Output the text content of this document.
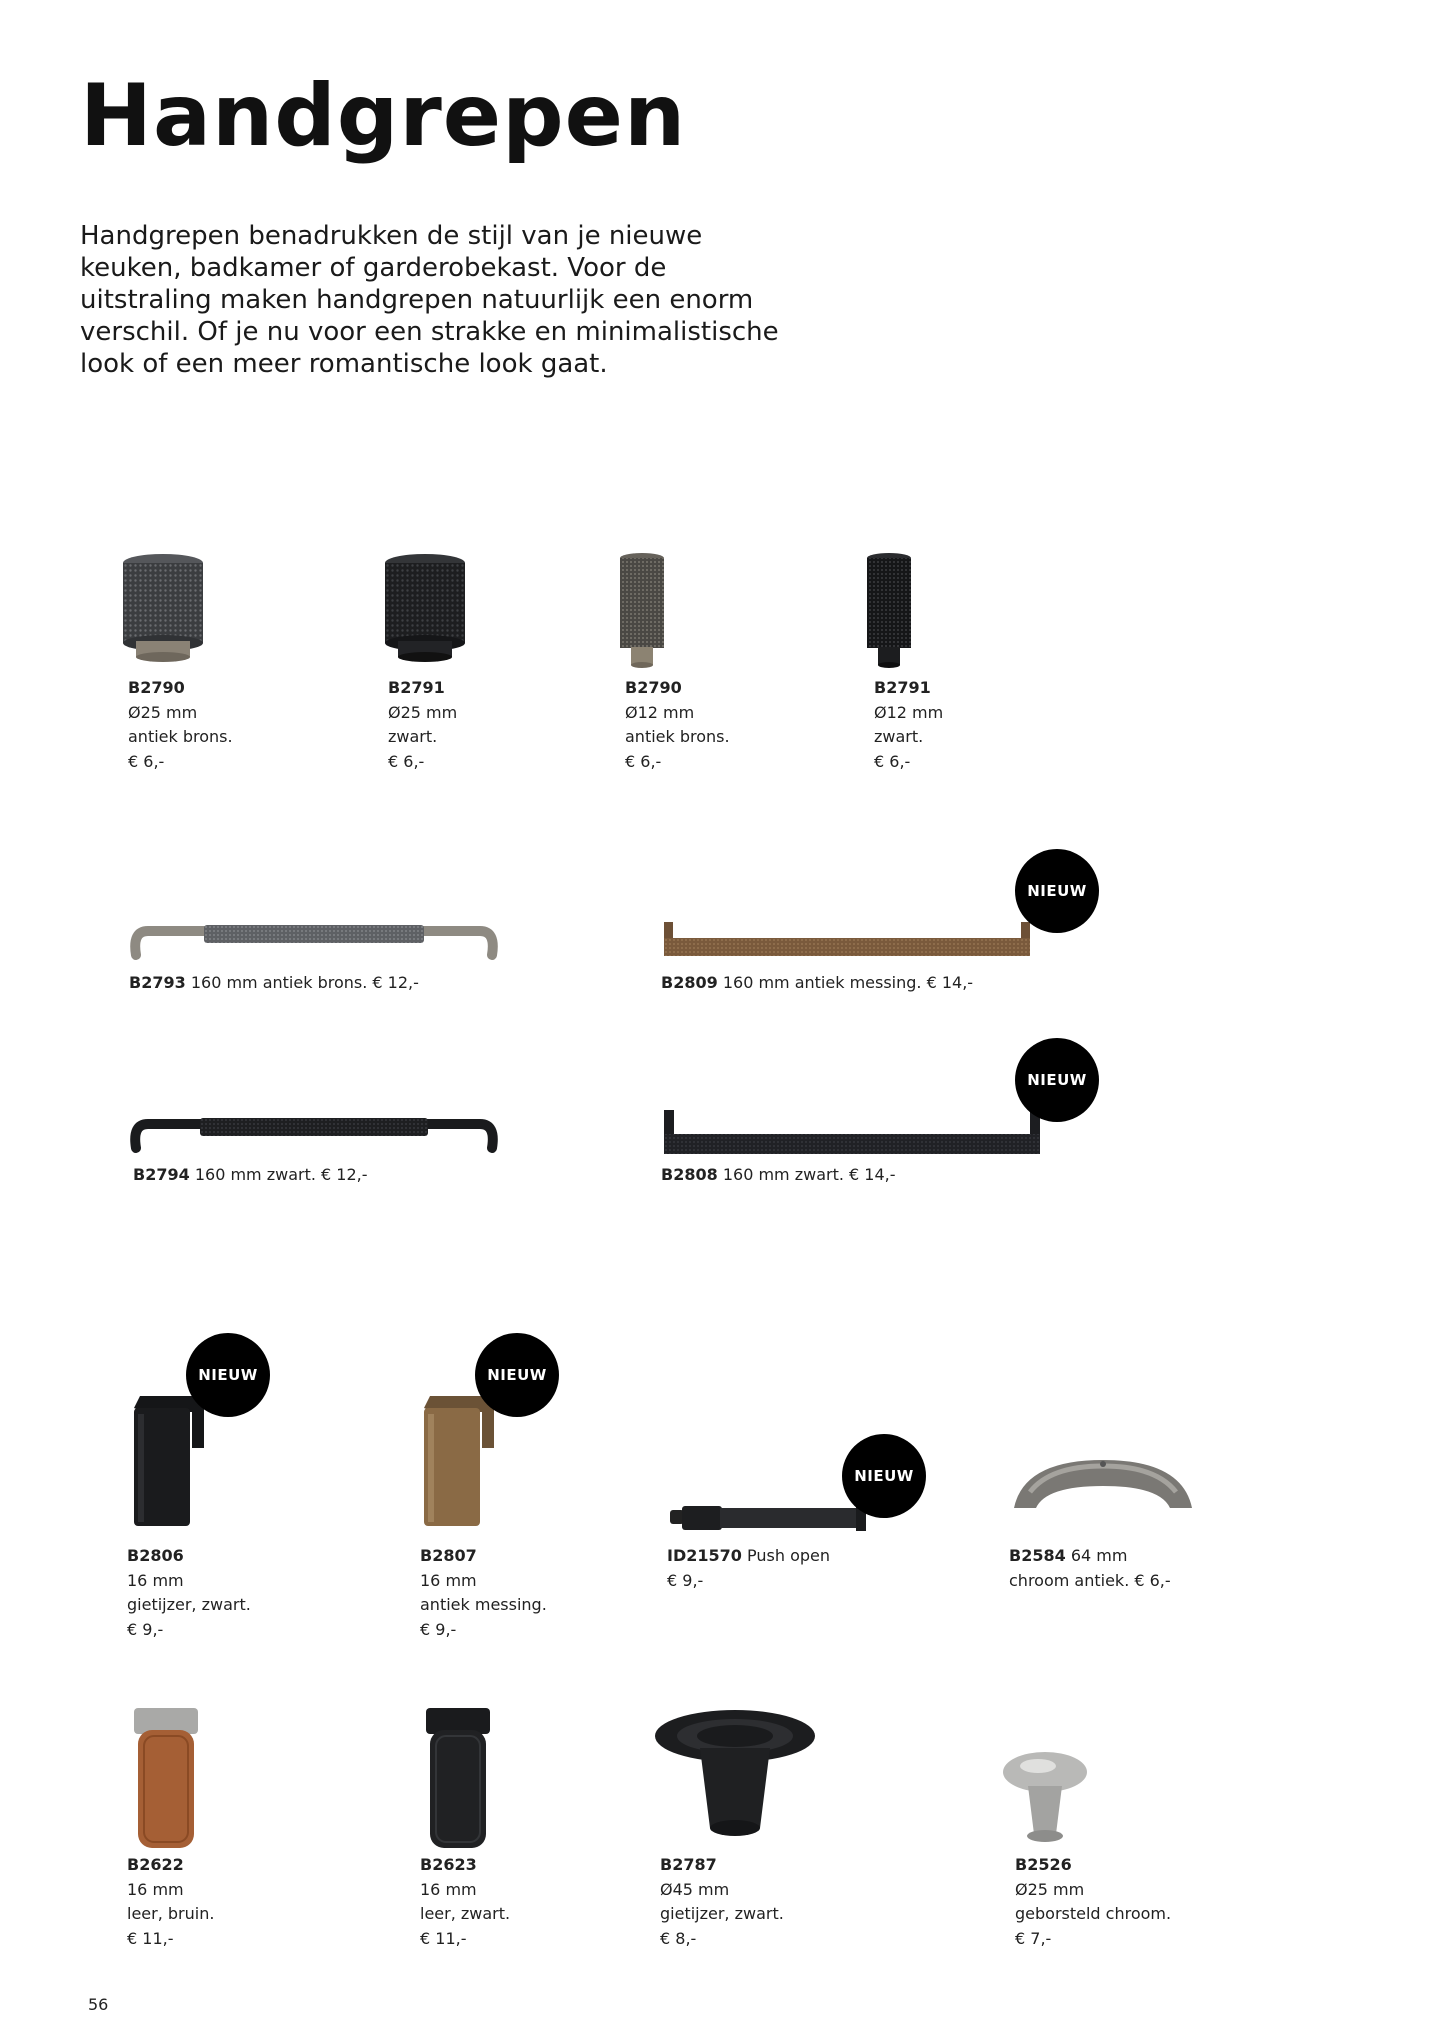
Handgrepen

Handgrepen benadrukken de stijl van je nieuwe keuken, badkamer of garderobekast. Voor de uitstraling maken handgrepen natuurlijk een enorm verschil. Of je nu voor een strakke en minimalistische look of een meer romantische look gaat.

B2790
Ø25 mm
antiek brons.
€ 6,-
B2791
Ø25 mm
zwart.
€ 6,-
B2790
Ø12 mm
antiek brons.
€ 6,-
B2791
Ø12 mm
zwart.
€ 6,-
B2793 160 mm antiek brons. € 12,-	B2809 160 mm antiek messing. € 14,-
NIEUW
B2794 160 mm zwart. € 12,-	B2808 160 mm zwart. € 14,-
NIEUW
NIEUW
B2806
16 mm
gietijzer, zwart.
€ 9,-
NIEUW
B2807
16 mm
antiek messing.
€ 9,-
NIEUW
ID21570 Push open
€ 9,-
B2584 64 mm
chroom antiek. € 6,-
B2622
16 mm
leer, bruin.
€ 11,-
B2623
16 mm
leer, zwart.
€ 11,-
B2787
Ø45 mm
gietijzer, zwart.
€ 8,-
B2526
Ø25 mm
geborsteld chroom.
€ 7,-
56
